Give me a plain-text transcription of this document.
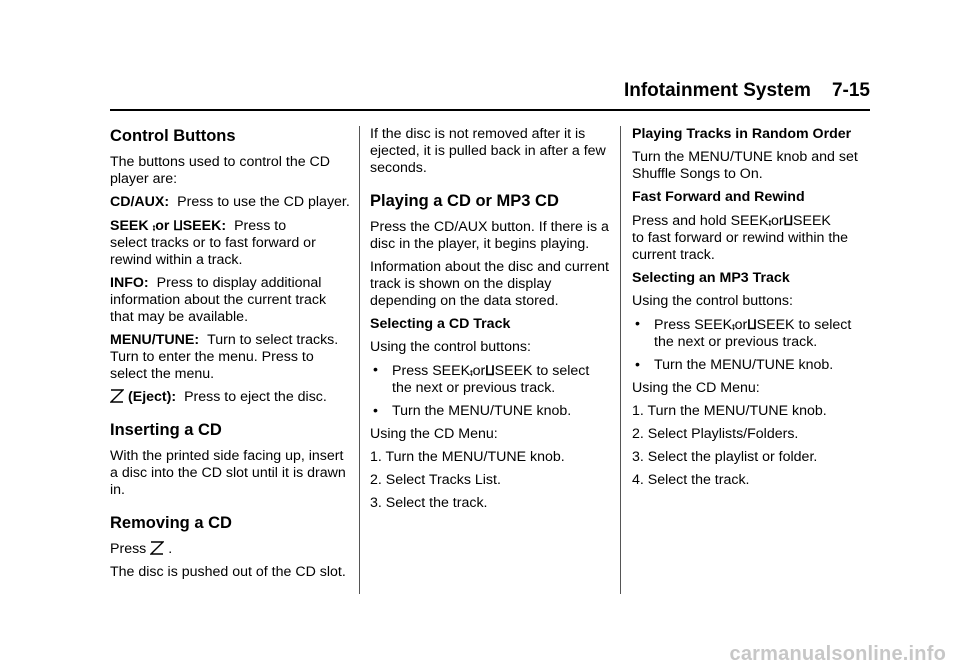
Infotainment System 7-15
Control Buttons

The buttons used to control the CD player are:

CD/AUX: Press to use the CD player.

SEEK ⨾or ⨿SEEK: Press to
select tracks or to fast forward or rewind within a track.

INFO: Press to display additional information about the current track that may be available.

MENU/TUNE: Turn to select tracks. Turn to enter the menu. Press to select the menu.

(Eject): Press to eject the disc.

Inserting a CD

With the printed side facing up, insert a disc into the CD slot until it is drawn in.

Removing a CD

Press .

The disc is pushed out of the CD slot.

If the disc is not removed after it is ejected, it is pulled back in after a few seconds.

Playing a CD or MP3 CD

Press the CD/AUX button. If there is a disc in the player, it begins playing.

Information about the disc and current track is shown on the display depending on the data stored.

Selecting a CD Track

Using the control buttons:

• Press SEEK⨾or⨿SEEK to select the next or previous track.
• Turn the MENU/TUNE knob.

Using the CD Menu:

1. Turn the MENU/TUNE knob.

2. Select Tracks List.

3. Select the track.

Playing Tracks in Random Order

Turn the MENU/TUNE knob and set Shuffle Songs to On.

Fast Forward and Rewind

Press and hold SEEK⨾or⨿SEEK
to fast forward or rewind within the current track.

Selecting an MP3 Track

Using the control buttons:

• Press SEEK⨾or⨿SEEK to select the next or previous track.
• Turn the MENU/TUNE knob.

Using the CD Menu:

1. Turn the MENU/TUNE knob.

2. Select Playlists/Folders.

3. Select the playlist or folder.

4. Select the track.

carmanualsonline.info
